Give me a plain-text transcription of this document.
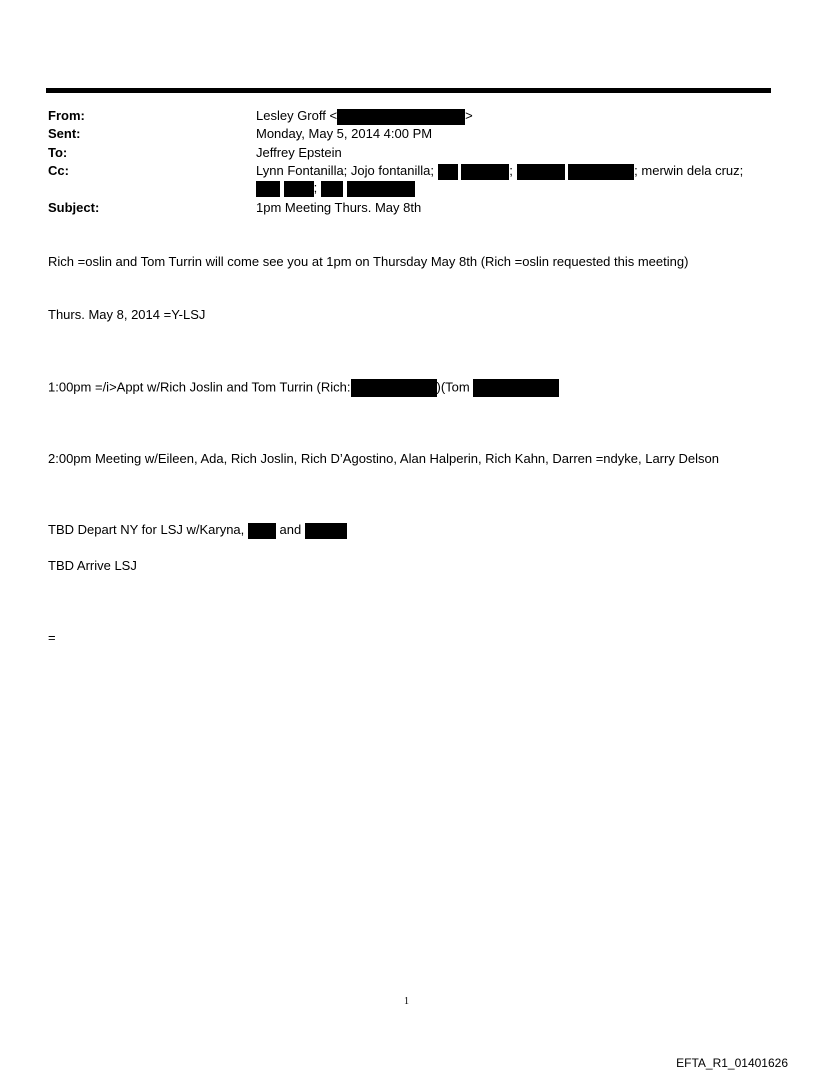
From:	Lesley Groff <	>
Sent:	Monday, May 5, 2014 4:00 PM
To:	Jeffrey Epstein
Cc:	Lynn Fontanilla; Jojo fontanilla;	;	; merwin dela cruz;
;
Subject:	1pm Meeting Thurs. May 8th
Rich =oslin and Tom Turrin will come see you at 1pm on Thursday May 8th (Rich =oslin requested this meeting)
Thurs. May 8, 2014 =Y-LSJ
1:00pm =/i>Appt w/Rich Joslin and Tom Turrin (Rich:	)(Tom
2:00pm Meeting w/Eileen, Ada, Rich Joslin, Rich D’Agostino, Alan Halperin, Rich Kahn, Darren =ndyke, Larry Delson
TBD Depart NY for LSJ w/Karyna,	and
TBD Arrive LSJ
=
1
EFTA_R1_01401626
